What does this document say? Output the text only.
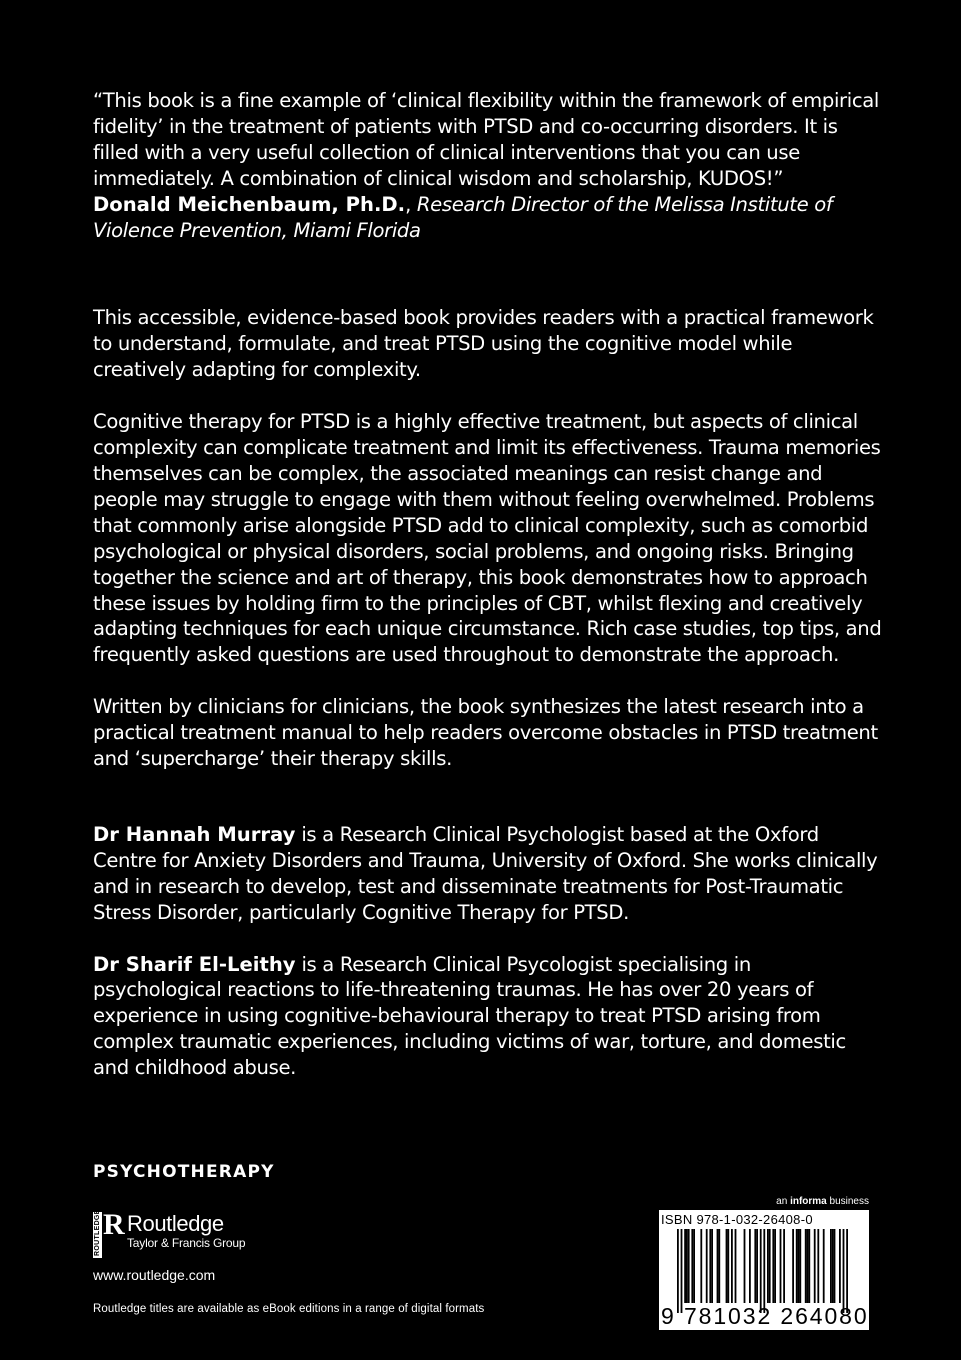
“This book is a fine example of ‘clinical flexibility within the framework of empirical fidelity’ in the treatment of patients with PTSD and co-occurring disorders. It is filled with a very useful collection of clinical interventions that you can use immediately. A combination of clinical wisdom and scholarship, KUDOS!”

Donald Meichenbaum, Ph.D., Research Director of the Melissa Institute of Violence Prevention, Miami Florida

This accessible, evidence-based book provides readers with a practical framework to understand, formulate, and treat PTSD using the cognitive model while creatively adapting for complexity.

Cognitive therapy for PTSD is a highly effective treatment, but aspects of clinical complexity can complicate treatment and limit its effectiveness. Trauma memories themselves can be complex, the associated meanings can resist change and people may struggle to engage with them without feeling overwhelmed. Problems that commonly arise alongside PTSD add to clinical complexity, such as comorbid psychological or physical disorders, social problems, and ongoing risks. Bringing together the science and art of therapy, this book demonstrates how to approach these issues by holding firm to the principles of CBT, whilst flexing and creatively adapting techniques for each unique circumstance. Rich case studies, top tips, and frequently asked questions are used throughout to demonstrate the approach.

Written by clinicians for clinicians, the book synthesizes the latest research into a practical treatment manual to help readers overcome obstacles in PTSD treatment and ‘supercharge’ their therapy skills.

Dr Hannah Murray is a Research Clinical Psychologist based at the Oxford Centre for Anxiety Disorders and Trauma, University of Oxford. She works clinically and in research to develop, test and disseminate treatments for Post-Traumatic Stress Disorder, particularly Cognitive Therapy for PTSD.

Dr Sharif El-Leithy is a Research Clinical Psycologist specialising in psychological reactions to life-threatening traumas. He has over 20 years of experience in using cognitive-behavioural therapy to treat PTSD arising from complex traumatic experiences, including victims of war, torture, and domestic and childhood abuse.

PSYCHOTHERAPY
ROUTLEDGE R Routledge
Taylor & Francis Group
www.routledge.com
Routledge titles are available as eBook editions in a range of digital formats
an informa business
ISBN 978-1-032-26408-0
9 781032 264080
